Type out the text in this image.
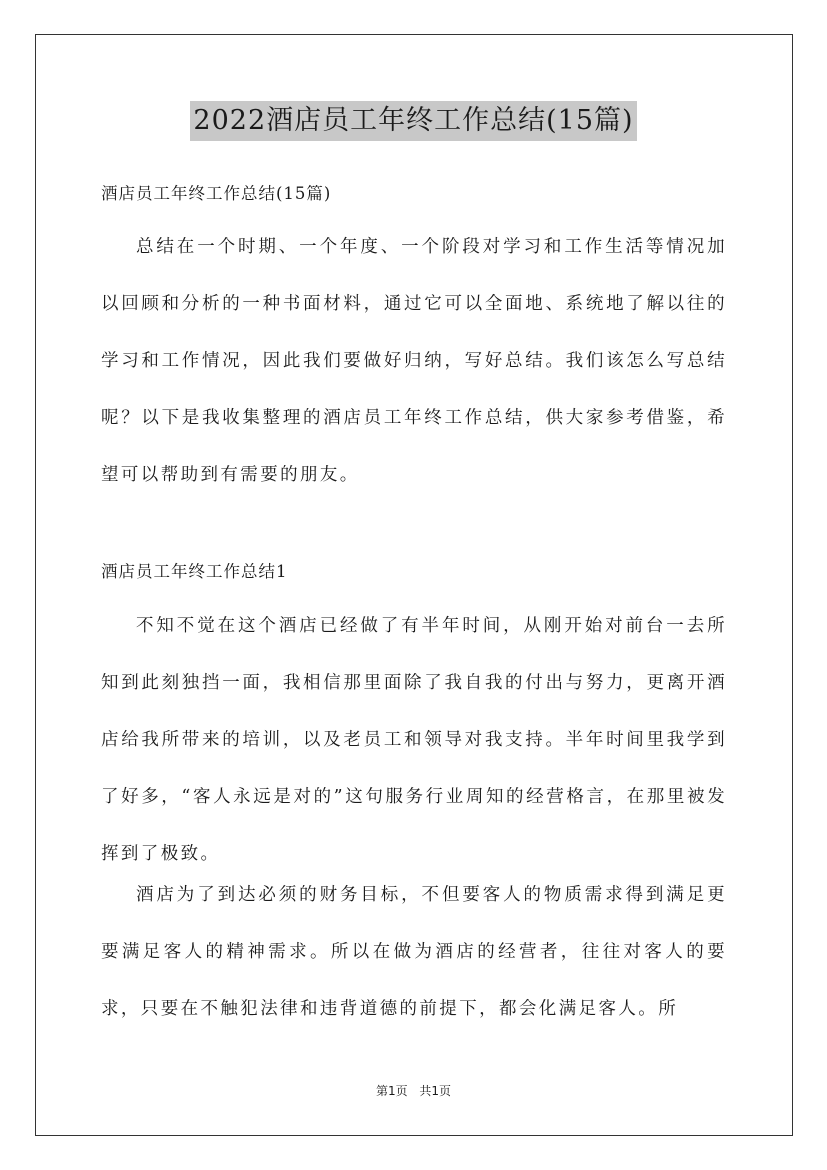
2022酒店员工年终工作总结(15篇)

酒店员工年终工作总结(15篇)

总结在一个时期、一个年度、一个阶段对学习和工作生活等情况加以回顾和分析的一种书面材料，通过它可以全面地、系统地了解以往的学习和工作情况，因此我们要做好归纳，写好总结。我们该怎么写总结呢？以下是我收集整理的酒店员工年终工作总结，供大家参考借鉴，希望可以帮助到有需要的朋友。

酒店员工年终工作总结1

不知不觉在这个酒店已经做了有半年时间，从刚开始对前台一去所知到此刻独挡一面，我相信那里面除了我自我的付出与努力，更离开酒店给我所带来的培训，以及老员工和领导对我支持。半年时间里我学到了好多，“客人永远是对的”这句服务行业周知的经营格言，在那里被发挥到了极致。

酒店为了到达必须的财务目标，不但要客人的物质需求得到满足更要满足客人的精神需求。所以在做为酒店的经营者，往往对客人的要求，只要在不触犯法律和违背道德的前提下，都会化满足客人。所

第1页 共1页
